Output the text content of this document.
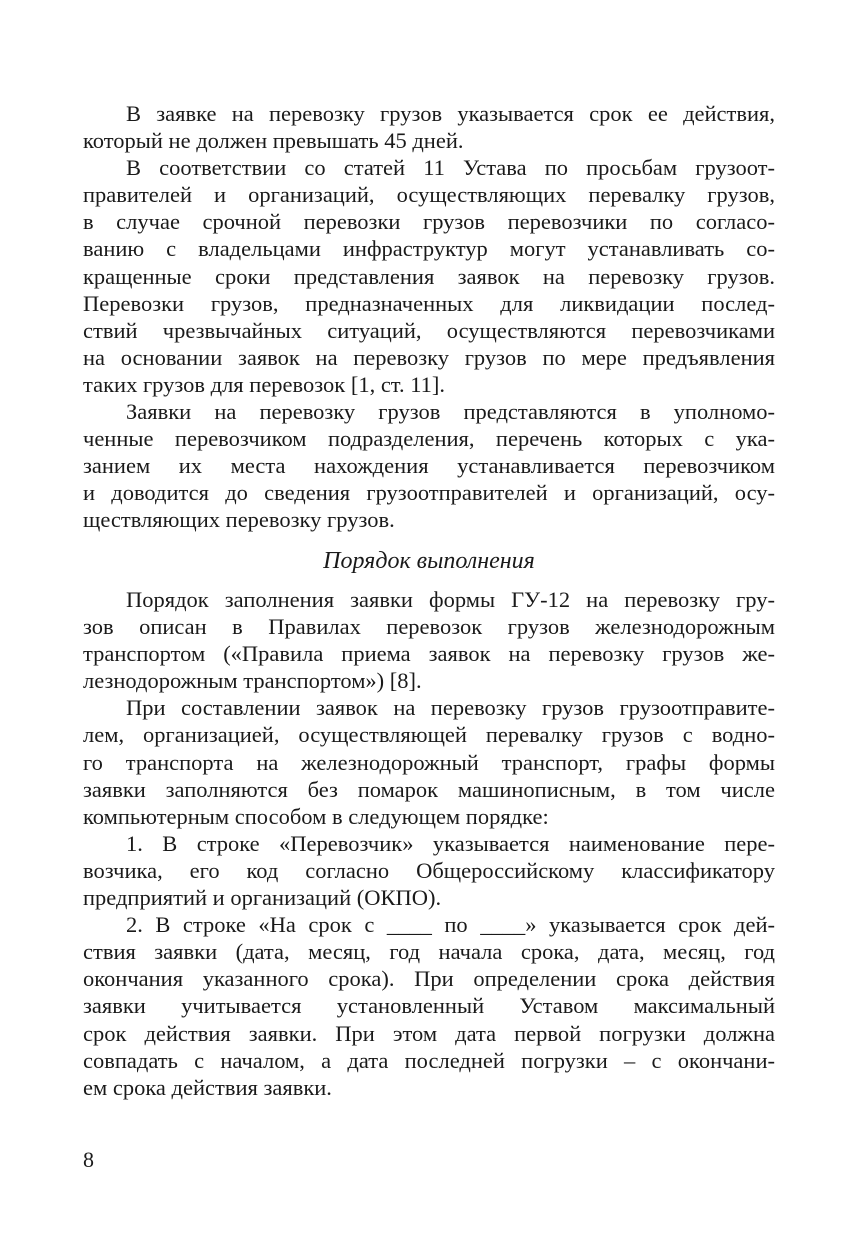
В заявке на перевозку грузов указывается срок ее действия,
который не должен превышать 45 дней.
В соответствии со статей 11 Устава по просьбам грузоот-
правителей и организаций, осуществляющих перевалку грузов,
в случае срочной перевозки грузов перевозчики по согласо-
ванию с владельцами инфраструктур могут устанавливать со-
кращенные сроки представления заявок на перевозку грузов.
Перевозки грузов, предназначенных для ликвидации послед-
ствий чрезвычайных ситуаций, осуществляются перевозчиками
на основании заявок на перевозку грузов по мере предъявления
таких грузов для перевозок [1, ст. 11].
Заявки на перевозку грузов представляются в уполномо-
ченные перевозчиком подразделения, перечень которых с ука-
занием их места нахождения устанавливается перевозчиком
и доводится до сведения грузоотправителей и организаций, осу-
ществляющих перевозку грузов.
Порядок выполнения
Порядок заполнения заявки формы ГУ-12 на перевозку гру-
зов описан в Правилах перевозок грузов железнодорожным
транспортом («Правила приема заявок на перевозку грузов же-
лезнодорожным транспортом») [8].
При составлении заявок на перевозку грузов грузоотправите-
лем, организацией, осуществляющей перевалку грузов с водно-
го транспорта на железнодорожный транспорт, графы формы
заявки заполняются без помарок машинописным, в том числе
компьютерным способом в следующем порядке:
1. В строке «Перевозчик» указывается наименование пере-
возчика, его код согласно Общероссийскому классификатору
предприятий и организаций (ОКПО).
2. В строке «На срок с ____ по ____» указывается срок дей-
ствия заявки (дата, месяц, год начала срока, дата, месяц, год
окончания указанного срока). При определении срока действия
заявки учитывается установленный Уставом максимальный
срок действия заявки. При этом дата первой погрузки должна
совпадать с началом, а дата последней погрузки – с окончани-
ем срока действия заявки.
8
